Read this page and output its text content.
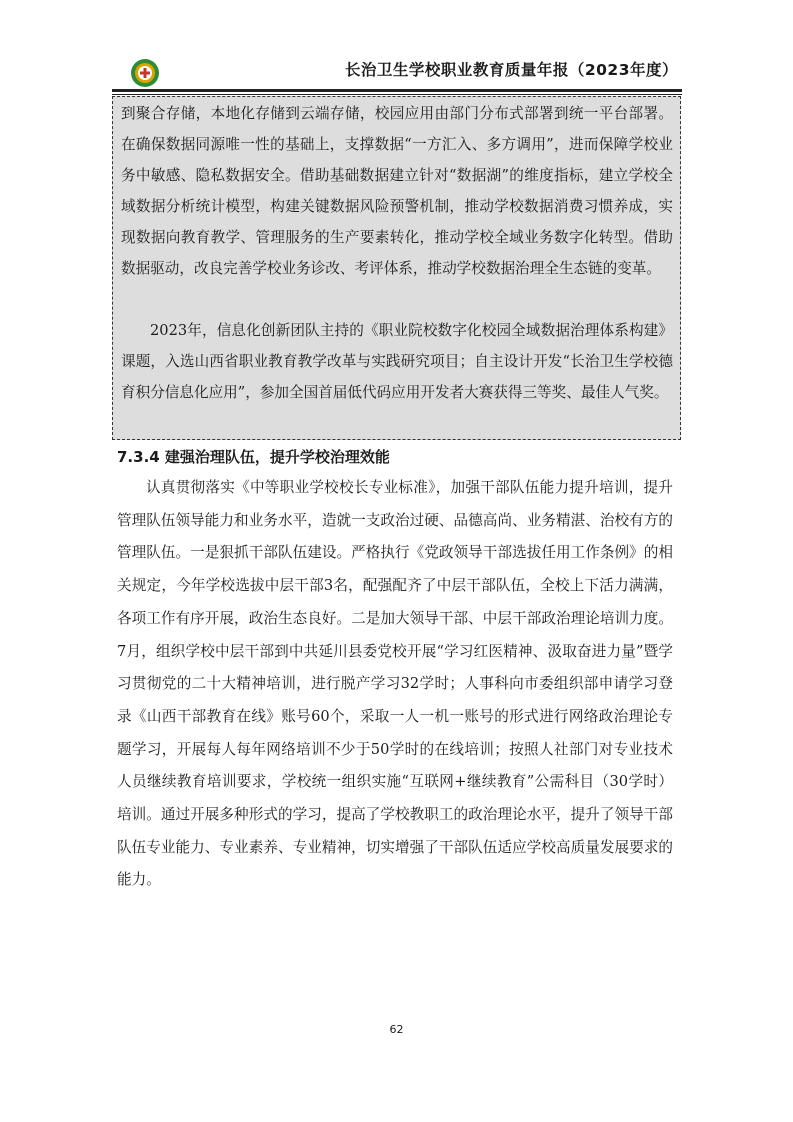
长治卫生学校职业教育质量年报（2023年度）

到聚合存储，本地化存储到云端存储，校园应用由部门分布式部署到统一平台部署。在确保数据同源唯一性的基础上，支撑数据“一方汇入、多方调用”，进而保障学校业务中敏感、隐私数据安全。借助基础数据建立针对“数据湖”的维度指标，建立学校全域数据分析统计模型，构建关键数据风险预警机制，推动学校数据消费习惯养成，实现数据向教育教学、管理服务的生产要素转化，推动学校全域业务数字化转型。借助数据驱动，改良完善学校业务诊改、考评体系，推动学校数据治理全生态链的变革。

2023年，信息化创新团队主持的《职业院校数字化校园全域数据治理体系构建》课题，入选山西省职业教育教学改革与实践研究项目；自主设计开发“长治卫生学校德育积分信息化应用”，参加全国首届低代码应用开发者大赛获得三等奖、最佳人气奖。

7.3.4 建强治理队伍，提升学校治理效能

认真贯彻落实《中等职业学校校长专业标准》，加强干部队伍能力提升培训，提升管理队伍领导能力和业务水平，造就一支政治过硬、品德高尚、业务精湛、治校有方的管理队伍。一是狠抓干部队伍建设。严格执行《党政领导干部选拔任用工作条例》的相关规定，今年学校选拔中层干部3名，配强配齐了中层干部队伍，全校上下活力满满，各项工作有序开展，政治生态良好。二是加大领导干部、中层干部政治理论培训力度。7月，组织学校中层干部到中共延川县委党校开展“学习红医精神、汲取奋进力量”暨学习贯彻党的二十大精神培训，进行脱产学习32学时；人事科向市委组织部申请学习登录《山西干部教育在线》账号60个，采取一人一机一账号的形式进行网络政治理论专题学习，开展每人每年网络培训不少于50学时的在线培训；按照人社部门对专业技术人员继续教育培训要求，学校统一组织实施“互联网+继续教育”公需科目（30学时）培训。通过开展多种形式的学习，提高了学校教职工的政治理论水平，提升了领导干部队伍专业能力、专业素养、专业精神，切实增强了干部队伍适应学校高质量发展要求的能力。

62
